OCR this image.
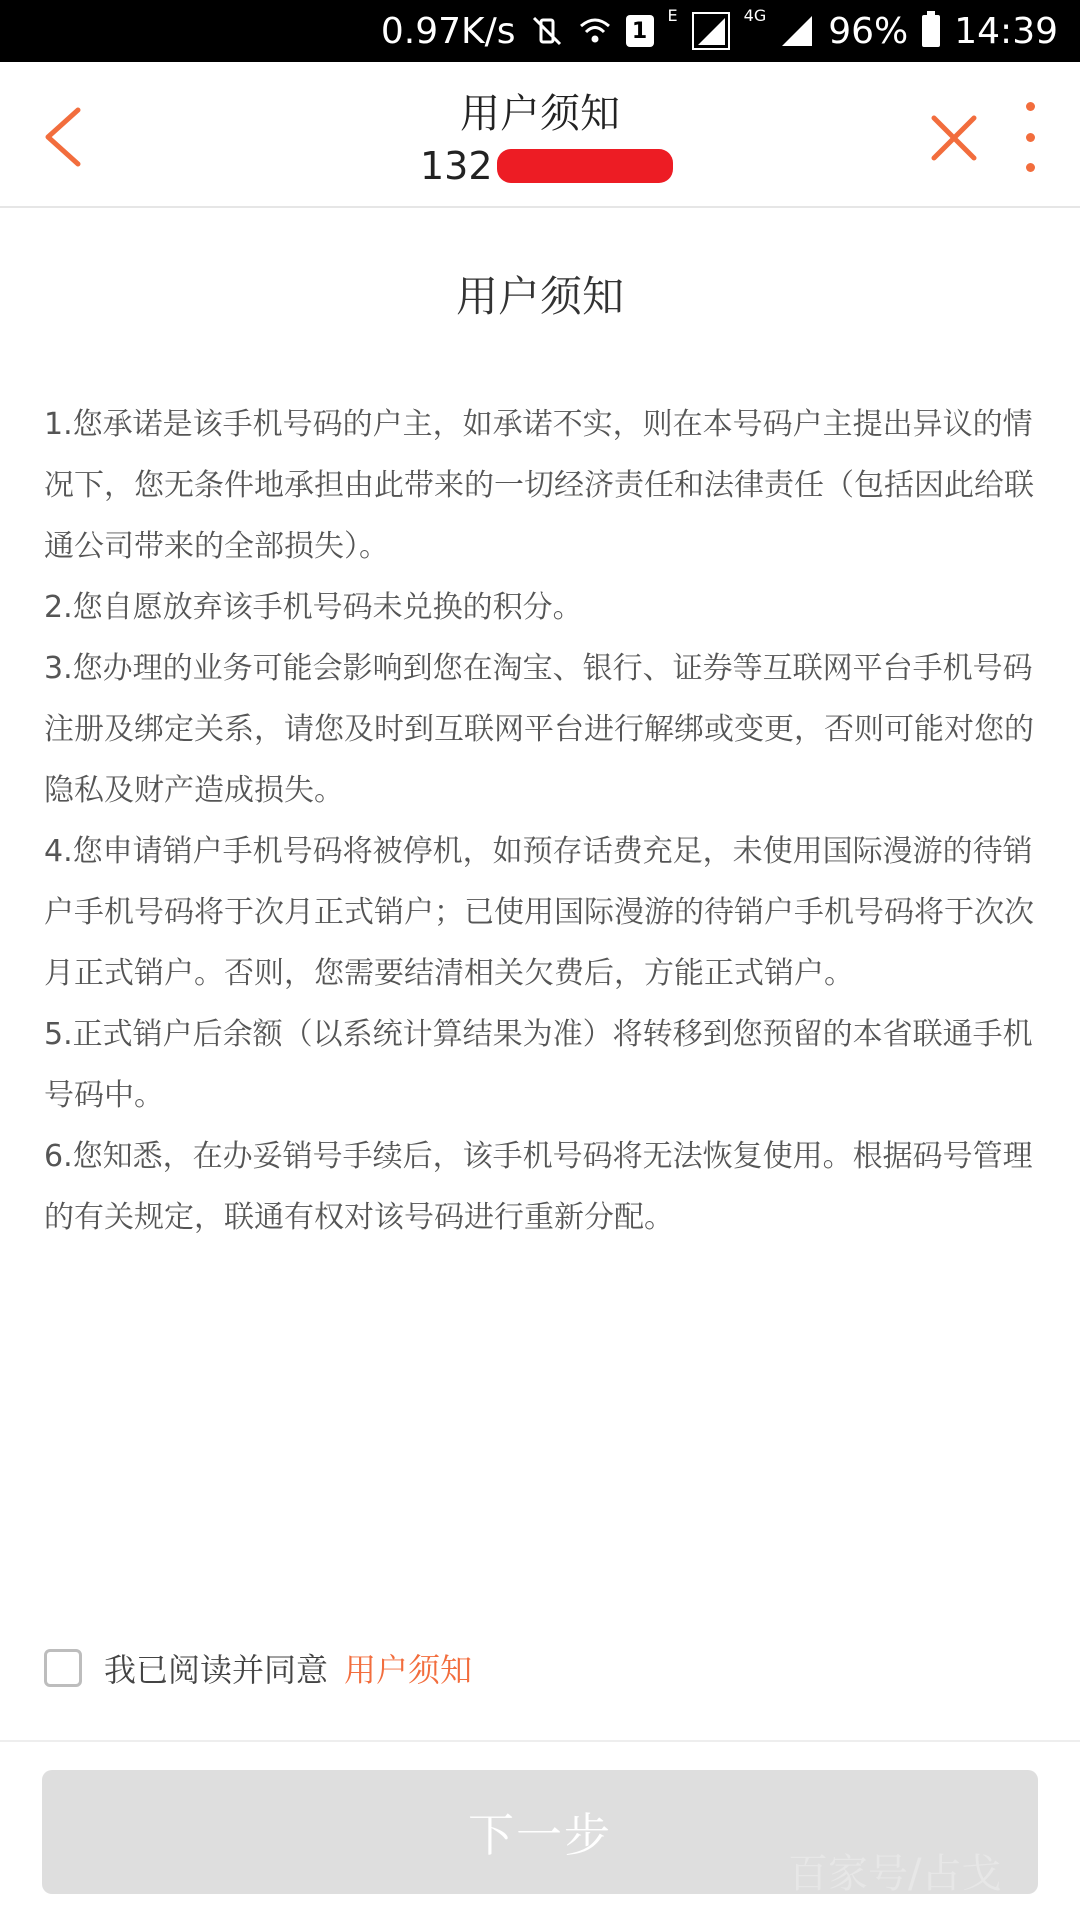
0.97K/s	1
E	4G 96% 14:39
用户须知
132
用户须知

1.您承诺是该手机号码的户主，如承诺不实，则在本号码户主提出异议的情况下，您无条件地承担由此带来的一切经济责任和法律责任（包括因此给联通公司带来的全部损失）。

2.您自愿放弃该手机号码未兑换的积分。

3.您办理的业务可能会影响到您在淘宝、银行、证券等互联网平台手机号码注册及绑定关系，请您及时到互联网平台进行解绑或变更，否则可能对您的隐私及财产造成损失。

4.您申请销户手机号码将被停机，如预存话费充足，未使用国际漫游的待销户手机号码将于次月正式销户；已使用国际漫游的待销户手机号码将于次次月正式销户。否则，您需要结清相关欠费后，方能正式销户。

5.正式销户后余额（以系统计算结果为准）将转移到您预留的本省联通手机号码中。

6.您知悉，在办妥销号手续后，该手机号码将无法恢复使用。根据码号管理的有关规定，联通有权对该号码进行重新分配。

我已阅读并同意 用户须知
下一步
百家号/占戈
